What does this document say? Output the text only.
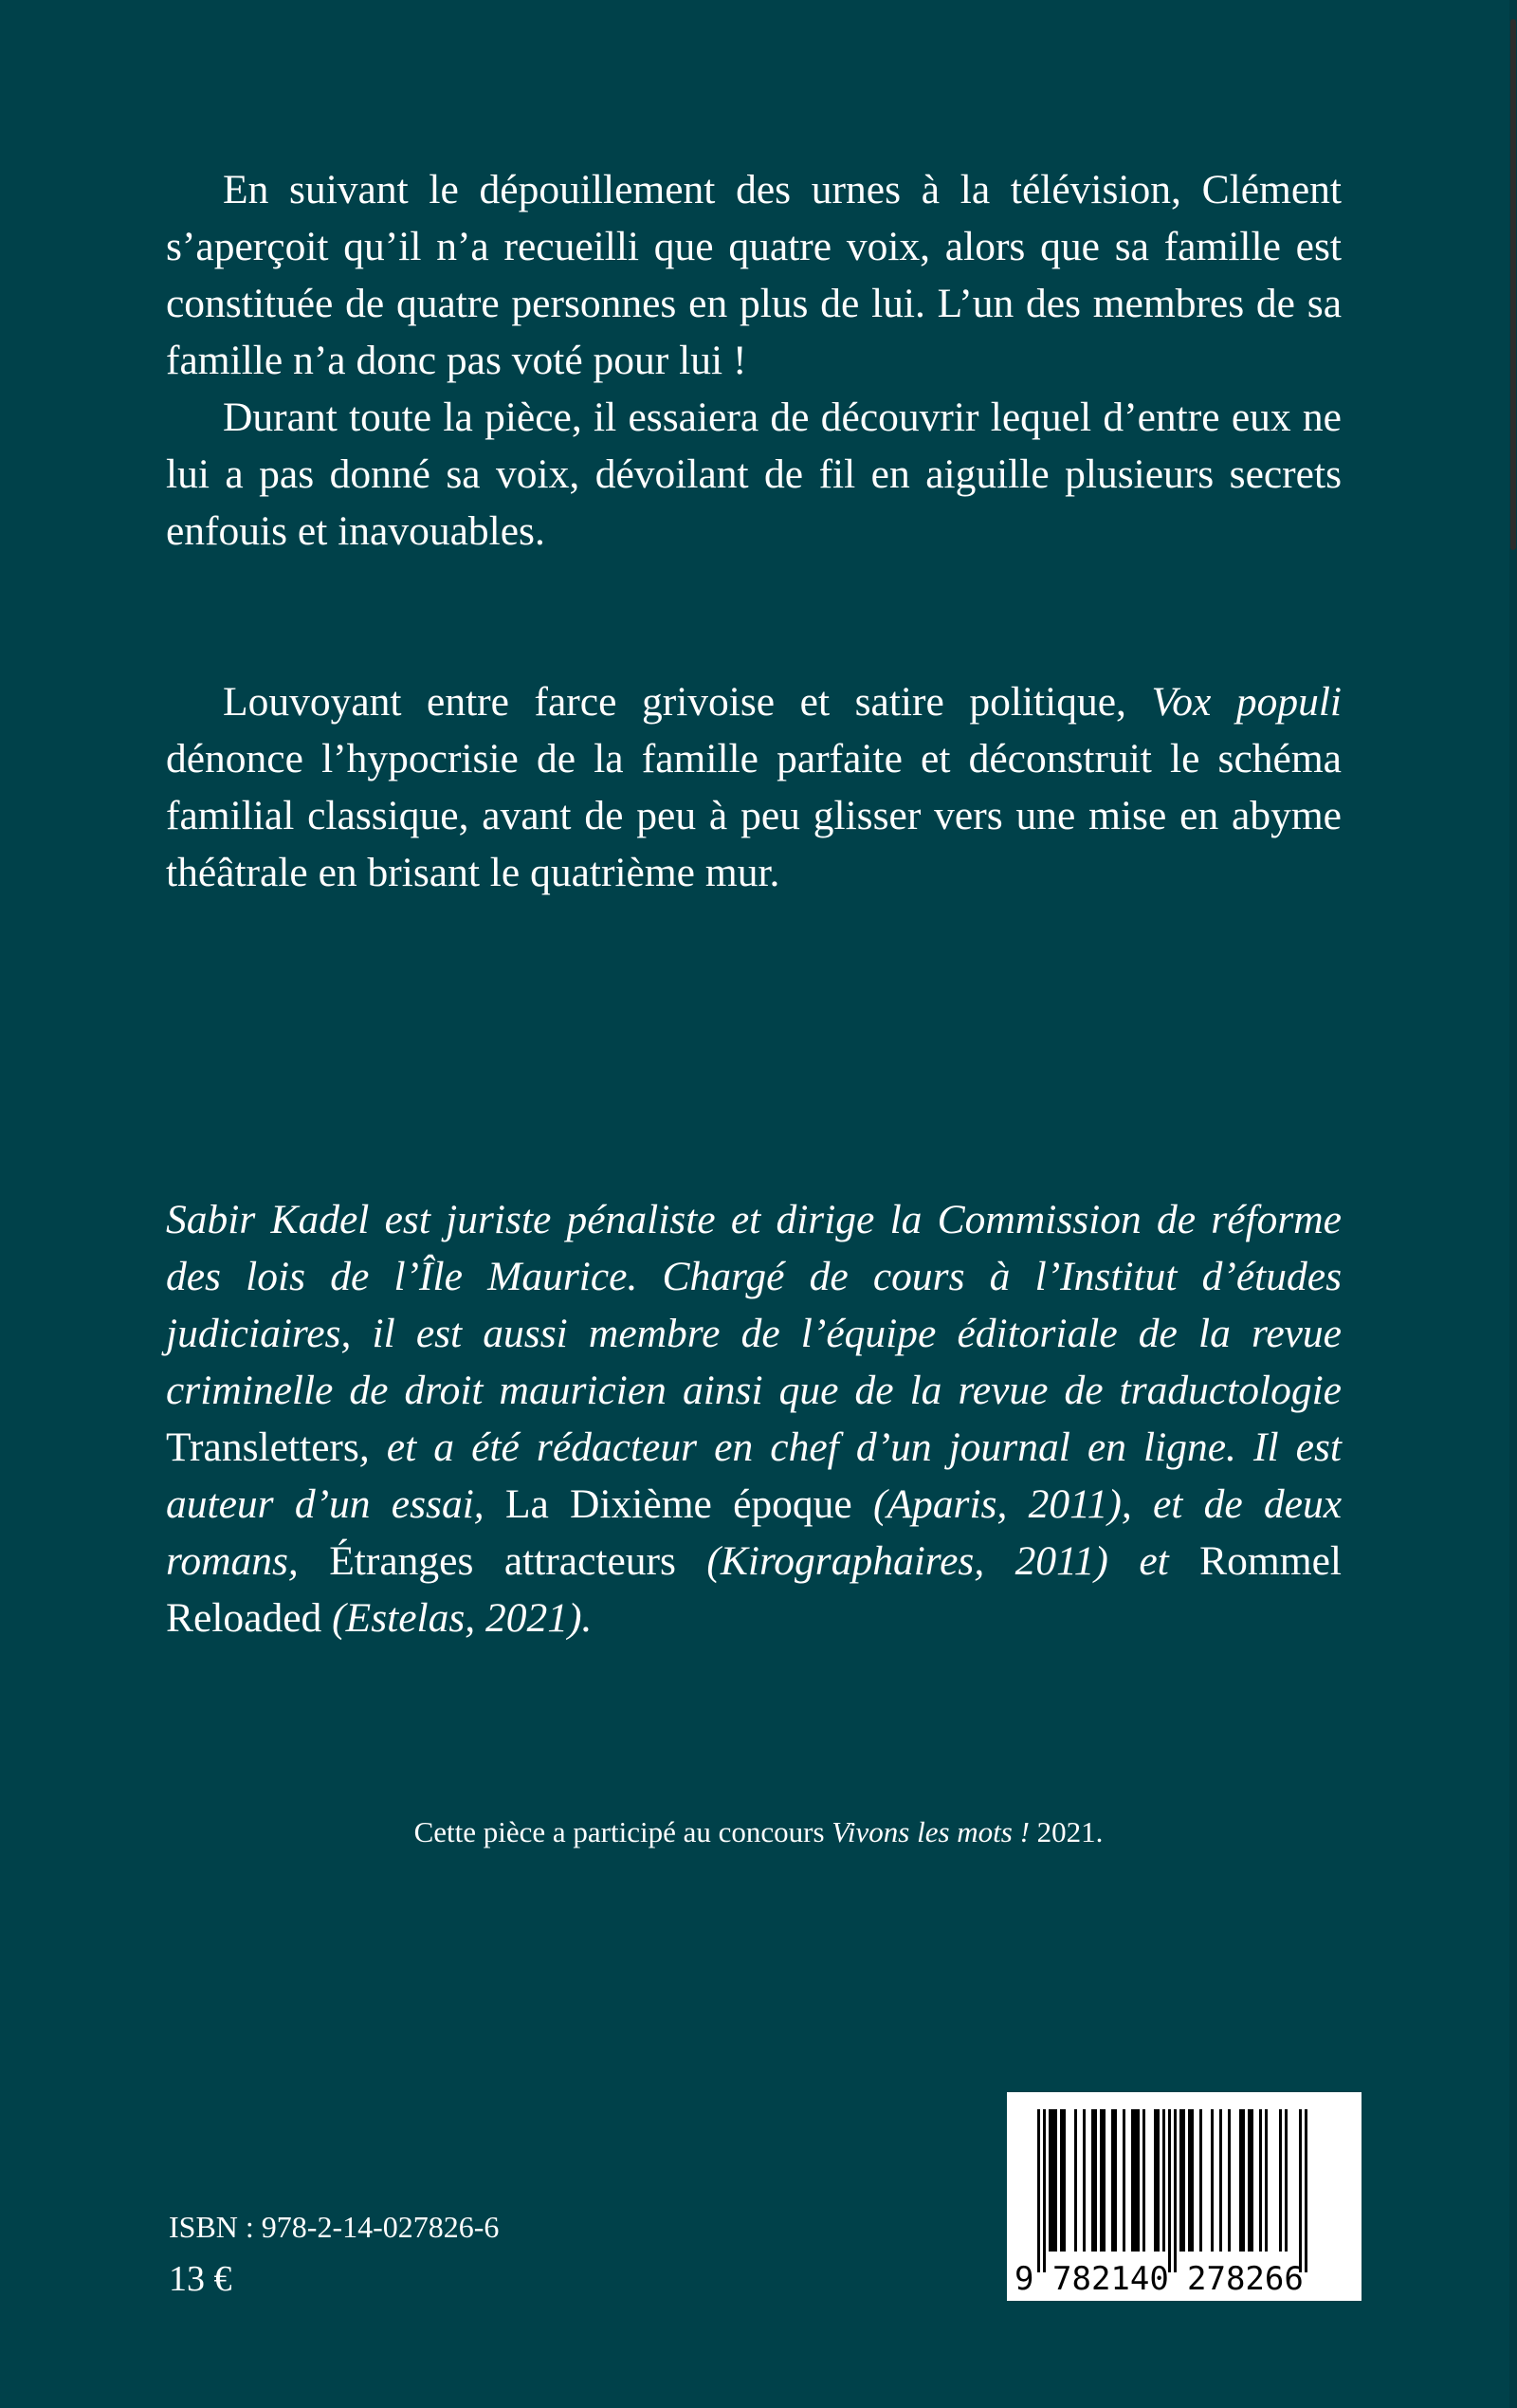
En suivant le dépouillement des urnes à la télévision, Clément s’aperçoit qu’il n’a recueilli que quatre voix, alors que sa famille est constituée de quatre personnes en plus de lui. L’un des membres de sa famille n’a donc pas voté pour lui !

Durant toute la pièce, il essaiera de découvrir lequel d’entre eux ne lui a pas donné sa voix, dévoilant de fil en aiguille plusieurs secrets enfouis et inavouables.

Louvoyant entre farce grivoise et satire politique, Vox populi dénonce l’hypocrisie de la famille parfaite et déconstruit le schéma familial classique, avant de peu à peu glisser vers une mise en abyme théâtrale en brisant le quatrième mur.

Sabir Kadel est juriste pénaliste et dirige la Commission de réforme des lois de l’Île Maurice. Chargé de cours à l’Institut d’études judiciaires, il est aussi membre de l’équipe éditoriale de la revue criminelle de droit mauricien ainsi que de la revue de traductologie Transletters, et a été rédacteur en chef d’un journal en ligne. Il est auteur d’un essai, La Dixième époque (Aparis, 2011), et de deux romans, Étranges attracteurs (Kirographaires, 2011) et Rommel Reloaded (Estelas, 2021).
Cette pièce a participé au concours Vivons les mots ! 2021.
ISBN : 978-2-14-027826-6
13 €	9 782140 278266
